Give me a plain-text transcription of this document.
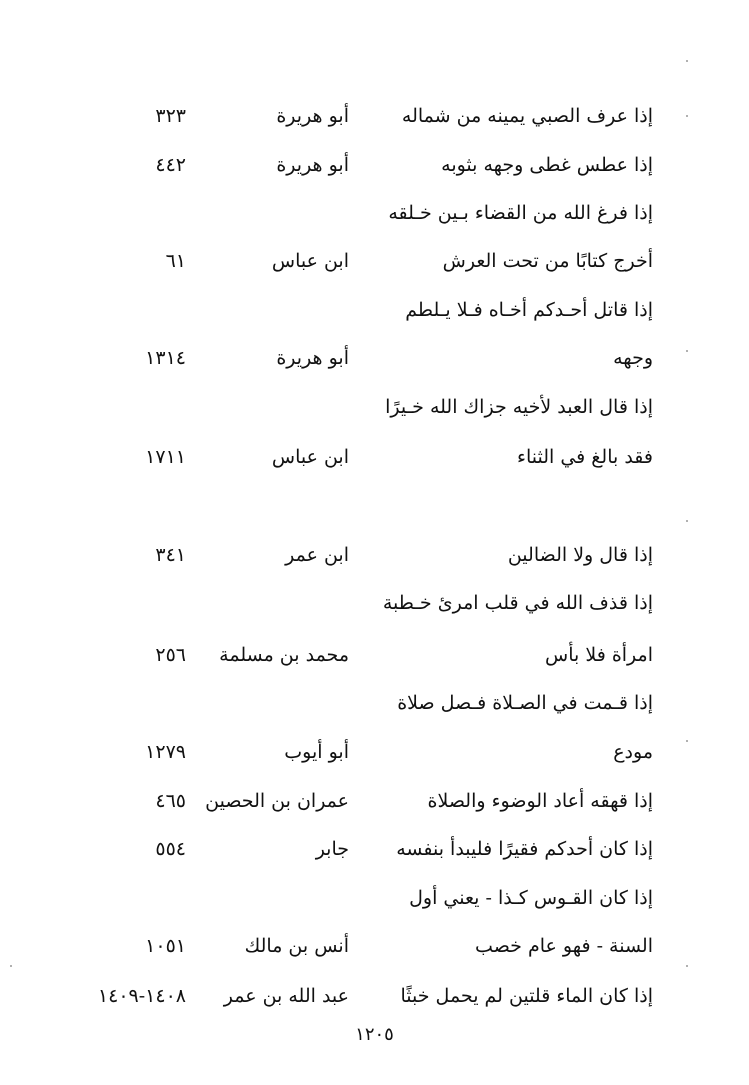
إذا عرف الصبي يمينه من شماله
أبو هريرة
٣٢٣
إذا عطس غطى وجهه بثوبه
أبو هريرة
٤٤٢
إذا فرغ الله من القضاء بـين خـلقه
أخرج كتابًا من تحت العرش
ابن عباس
٦١
إذا قاتل أحـدكم أخـاه فـلا يـلطم
وجهه
أبو هريرة
١٣١٤
إذا قال العبد لأخيه جزاك الله خـيرًا
فقد بالغ في الثناء
ابن عباس
١٧١١
إذا قال ولا الضالين
ابن عمر
٣٤١
إذا قذف الله في قلب امرئ خـطبة
امرأة فلا بأس
محمد بن مسلمة
٢٥٦
إذا قـمت في الصـلاة فـصل صلاة
مودع
أبو أيوب
١٢٧٩
إذا قهقه أعاد الوضوء والصلاة
عمران بن الحصين
٤٦٥
إذا كان أحدكم فقيرًا فليبدأ بنفسه
جابر
٥٥٤
إذا كان القـوس كـذا - يعني أول
السنة - فهو عام خصب
أنس بن مالك
١٠٥١
إذا كان الماء قلتين لم يحمل خبثًا
عبد الله بن عمر
١٤٠٨-١٤٠٩
١٢٠٥
